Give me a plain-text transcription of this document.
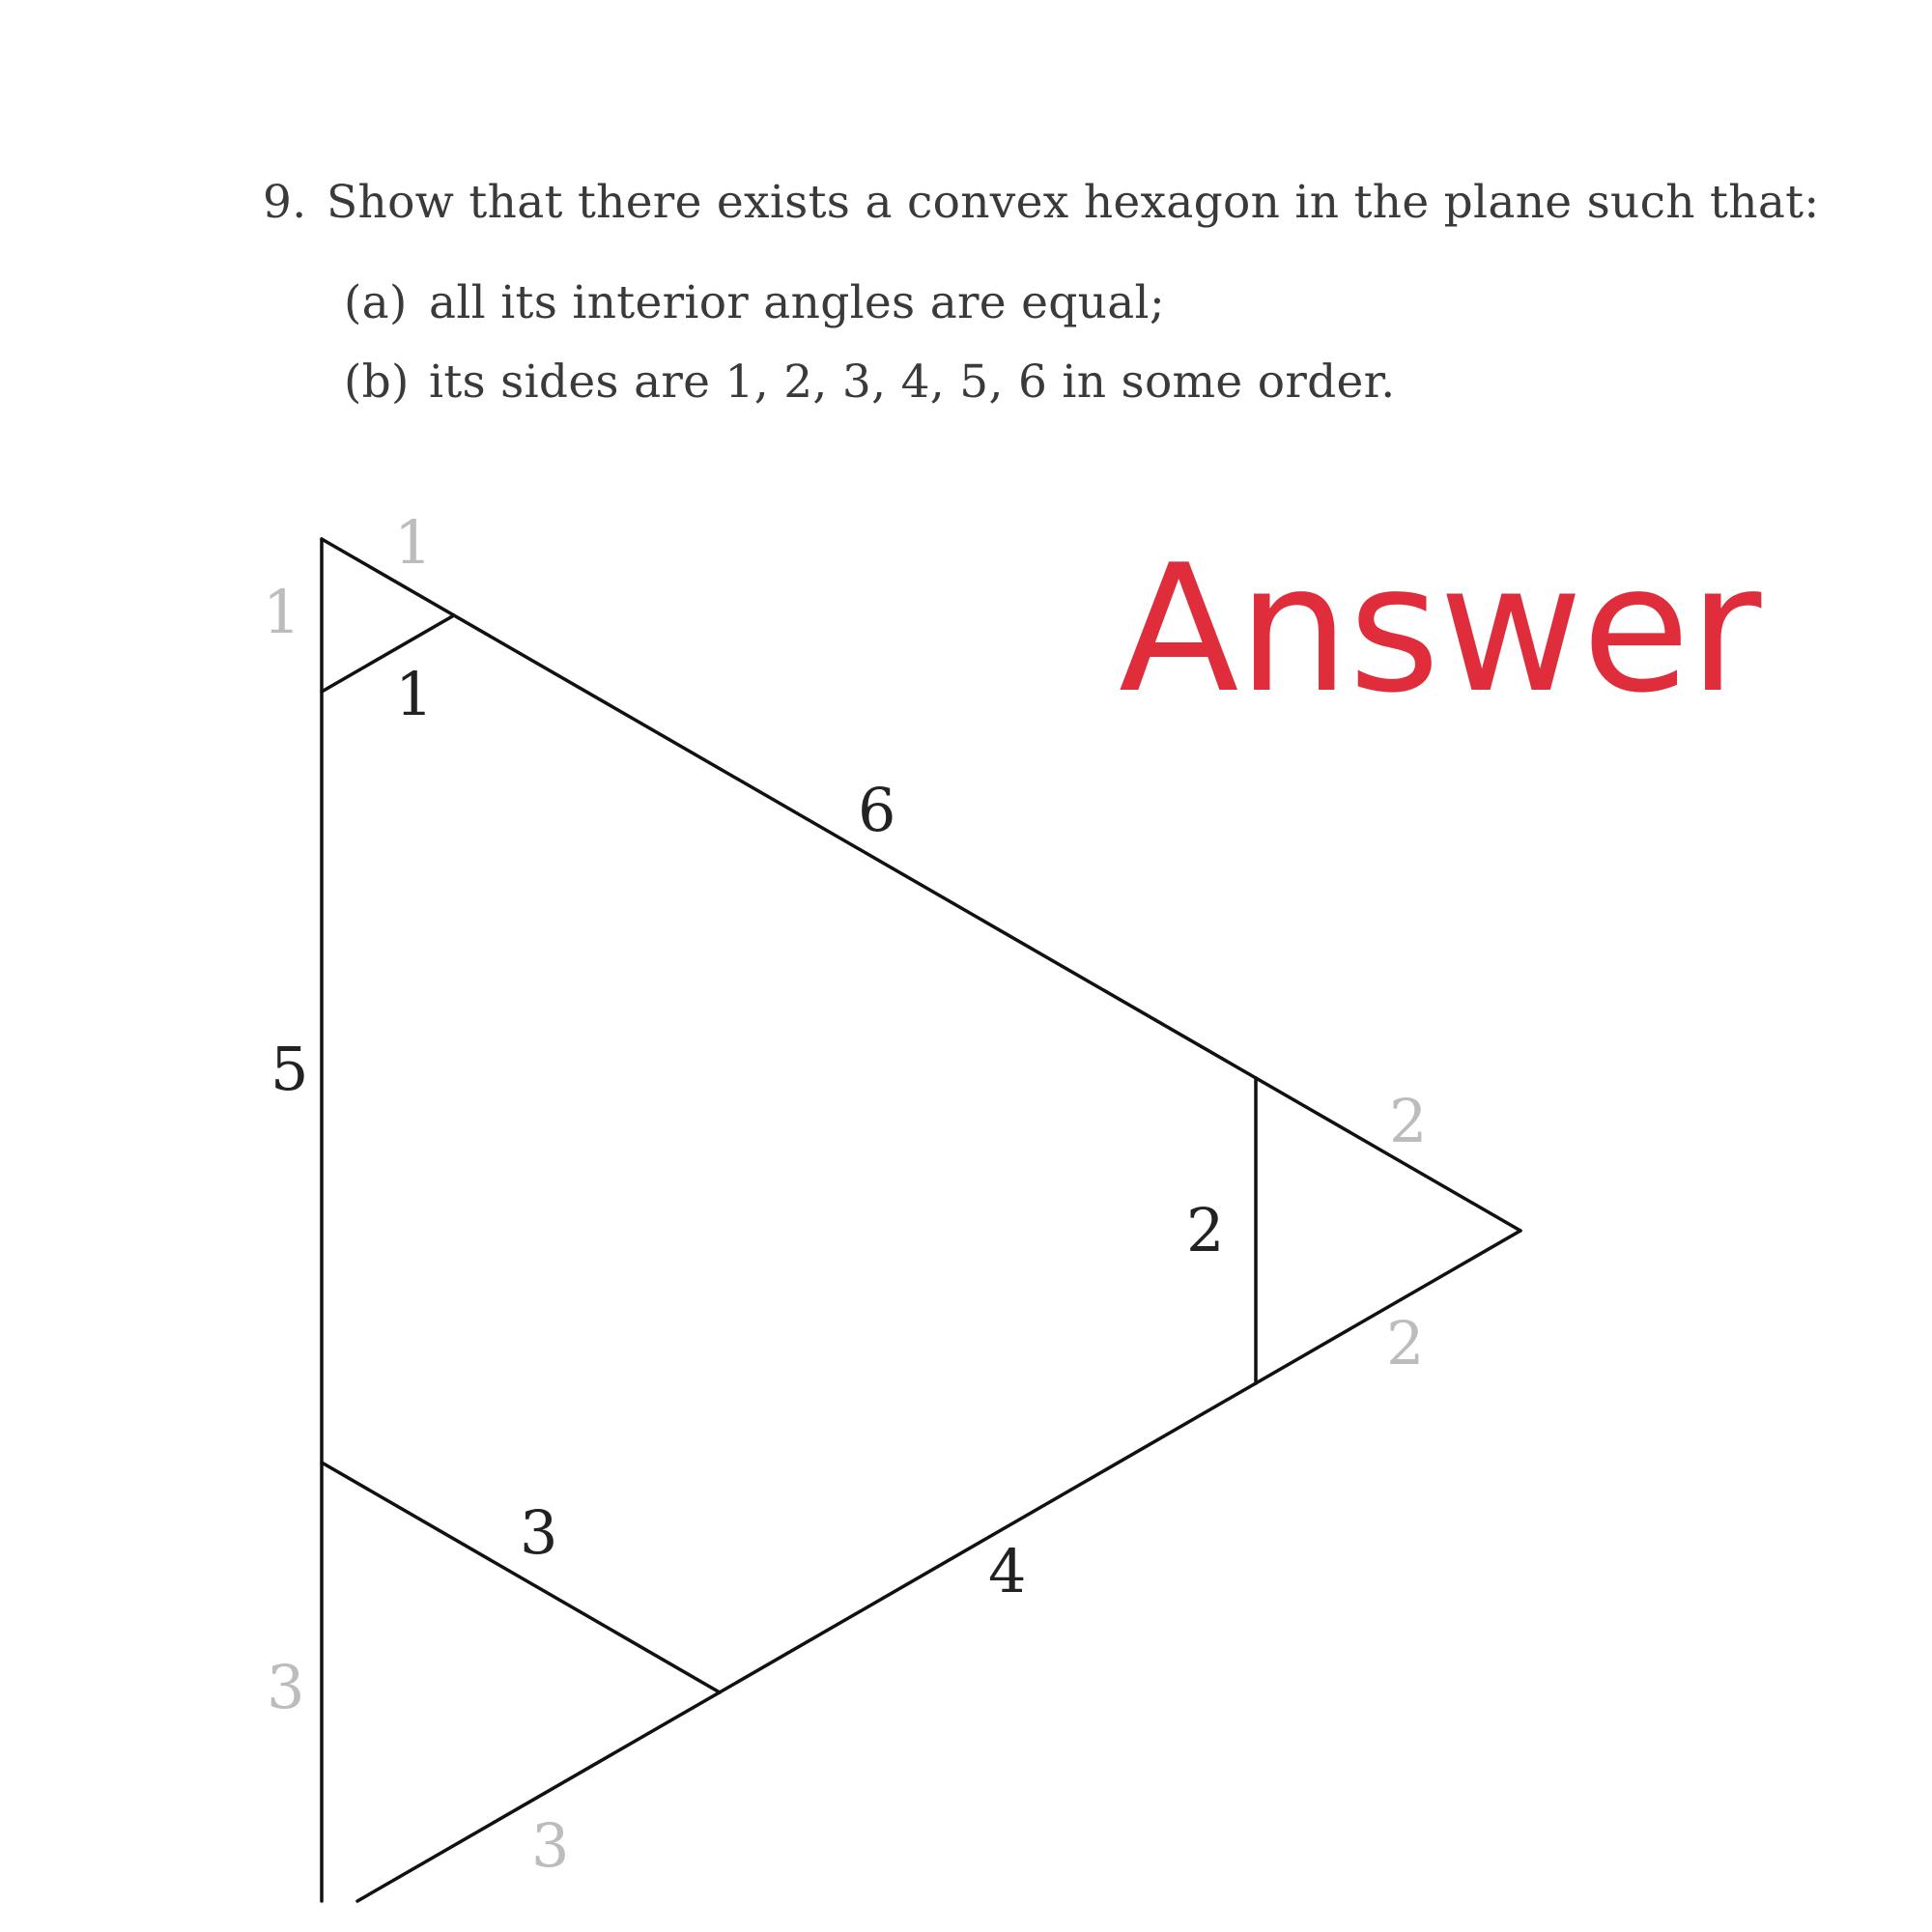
9. Show that there exists a convex hexagon in the plane such that:
(a) all its interior angles are equal;
(b) its sides are 1, 2, 3, 4, 5, 6 in some order.
Answer
1
6
2
4
3
5
1
1
2
2
3
3
